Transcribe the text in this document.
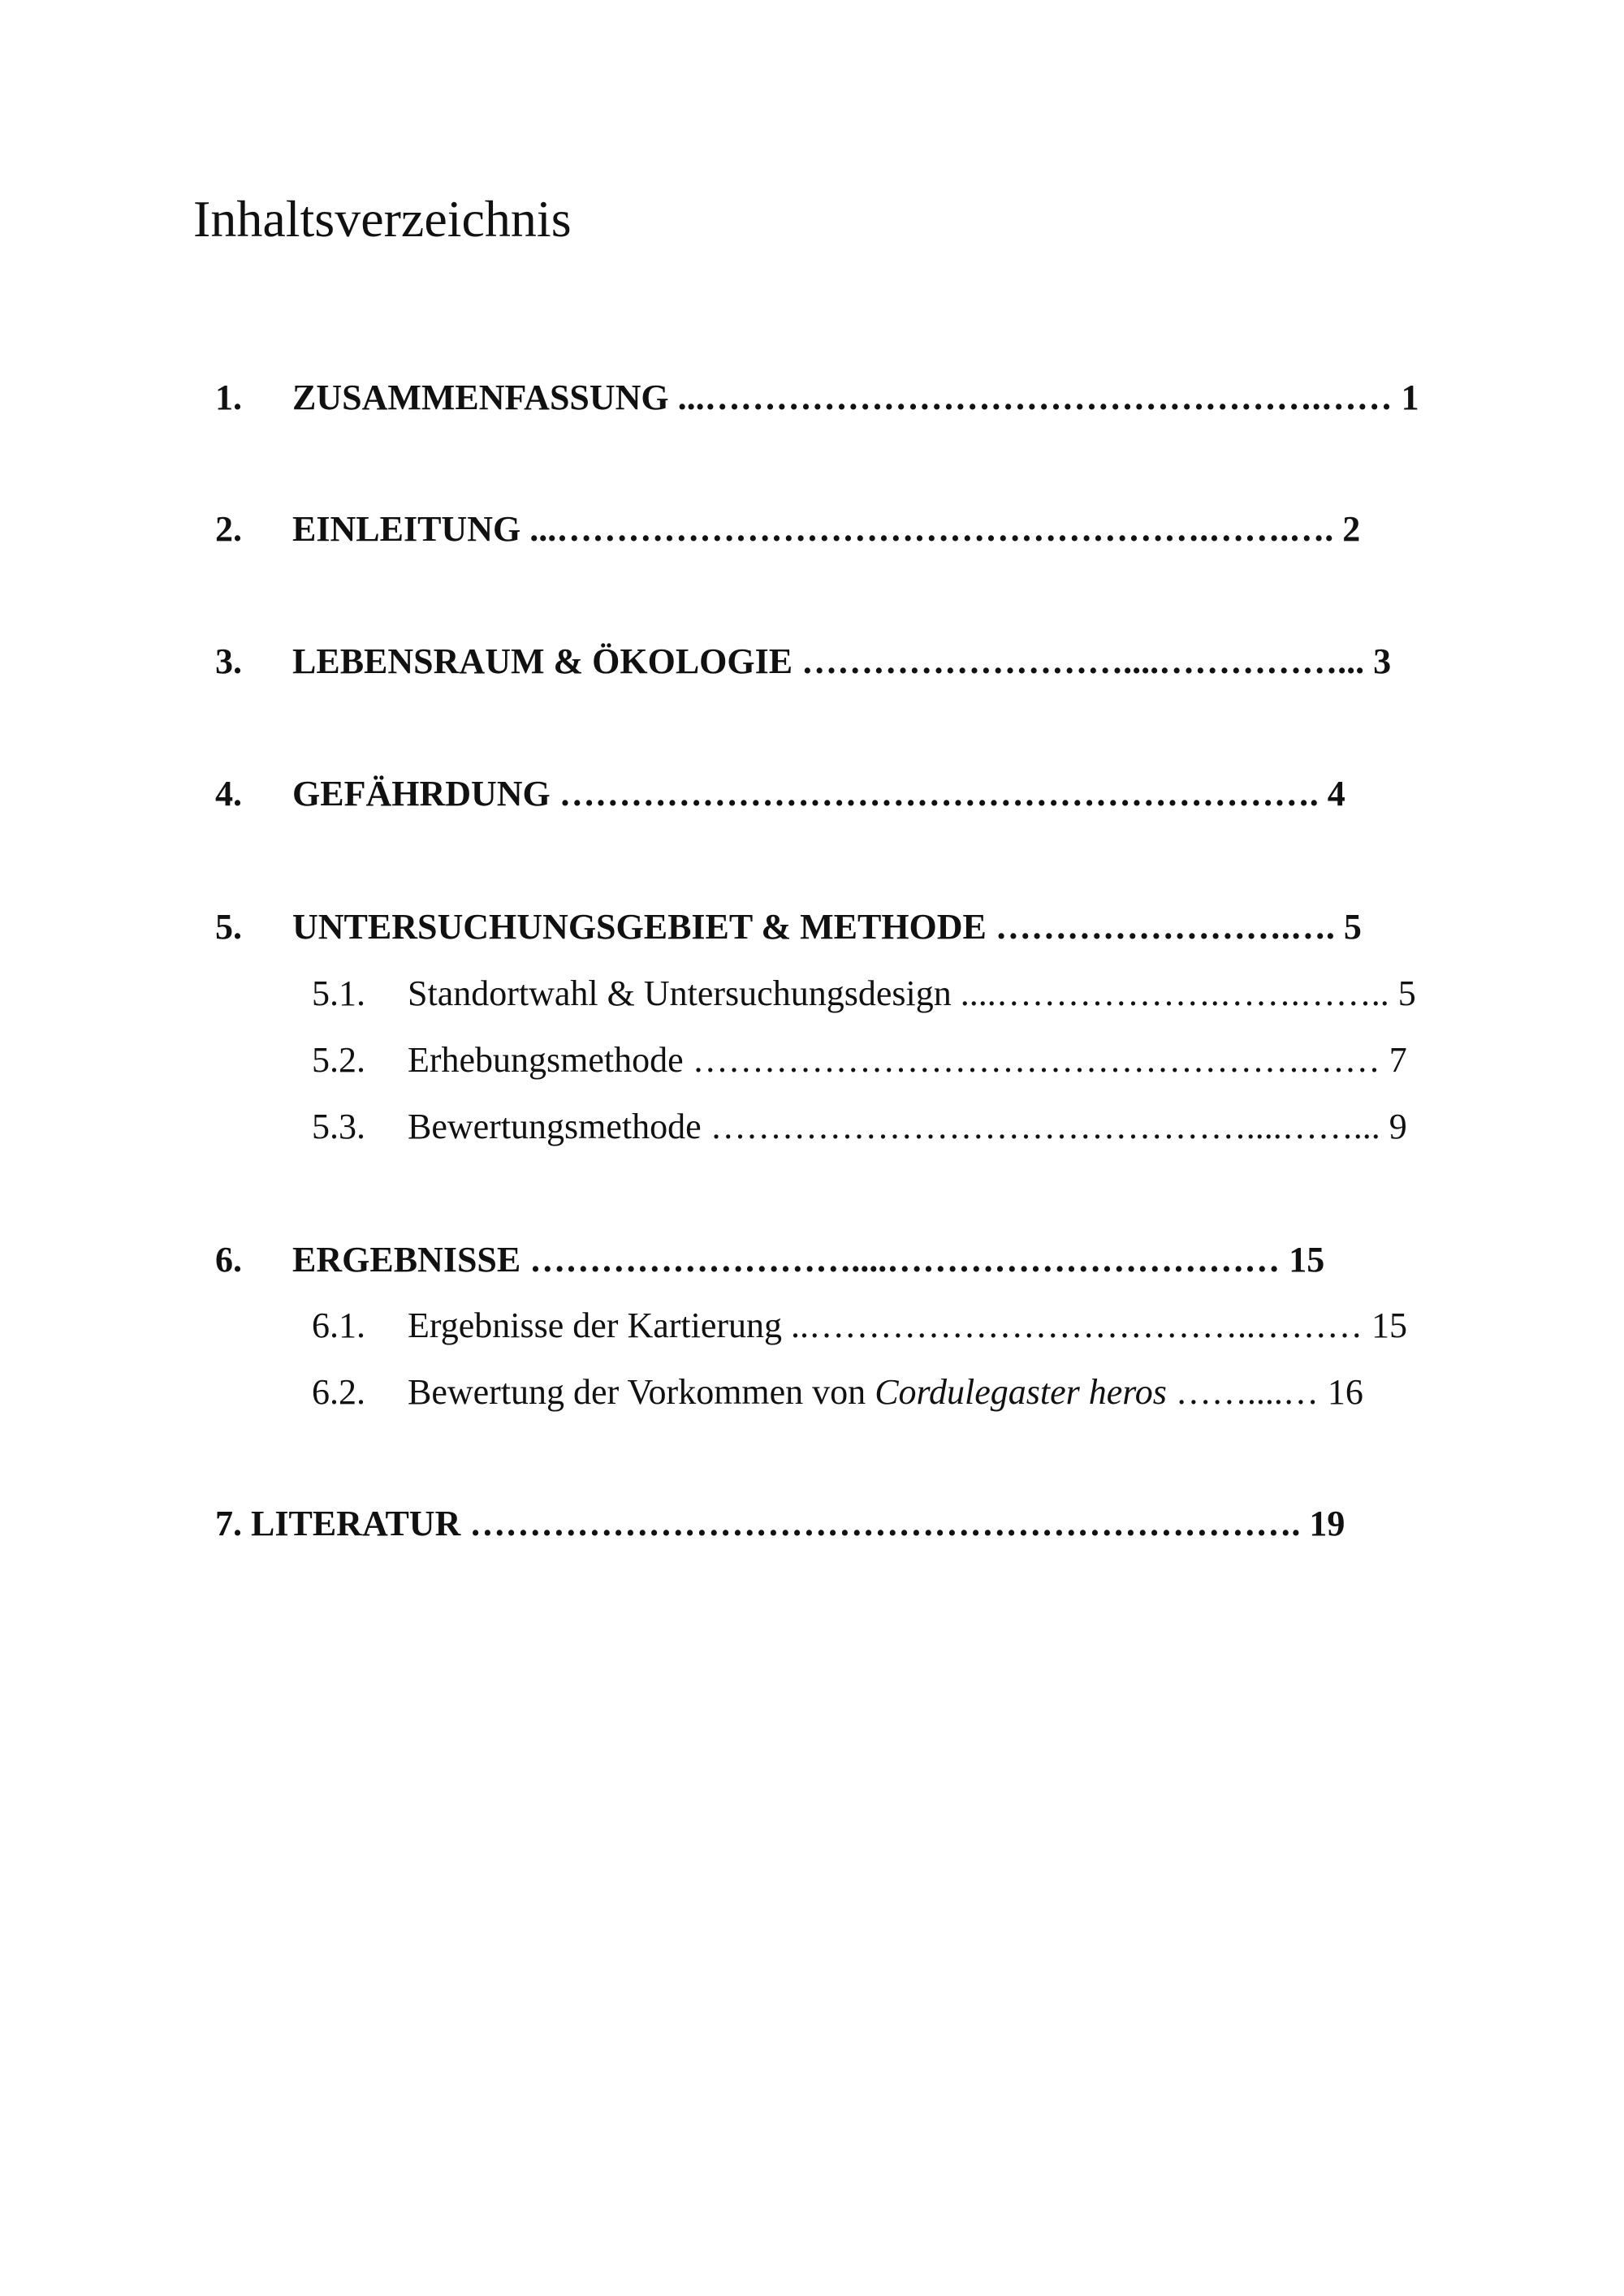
Inhaltsverzeichnis
1. ZUSAMMENFASSUNG ...…………………………………………….…… 1
2. EINLEITUNG ...……………………………………………….…….…. 2
3. LEBENSRAUM & ÖKOLOGIE ………………………....……………... 3
4. GEFÄHRDUNG ………………………………………………………. 4
5. UNTERSUCHUNGSGEBIET & METHODE …………………….…. 5
5.1. Standortwahl & Untersuchungsdesign ....……………….…….…….. 5
5.2. Erhebungsmethode …………………………………………….…… 7
5.3. Bewertungsmethode ………………………………………....……... 9
6. ERGEBNISSE ………………………....…………………………… 15
6.1. Ergebnisse der Kartierung ..………………………………..……… 15
6.2. Bewertung der Vorkommen von Cordulegaster heros ……....… 16
7. LITERATUR ……………………………………………………………. 19
